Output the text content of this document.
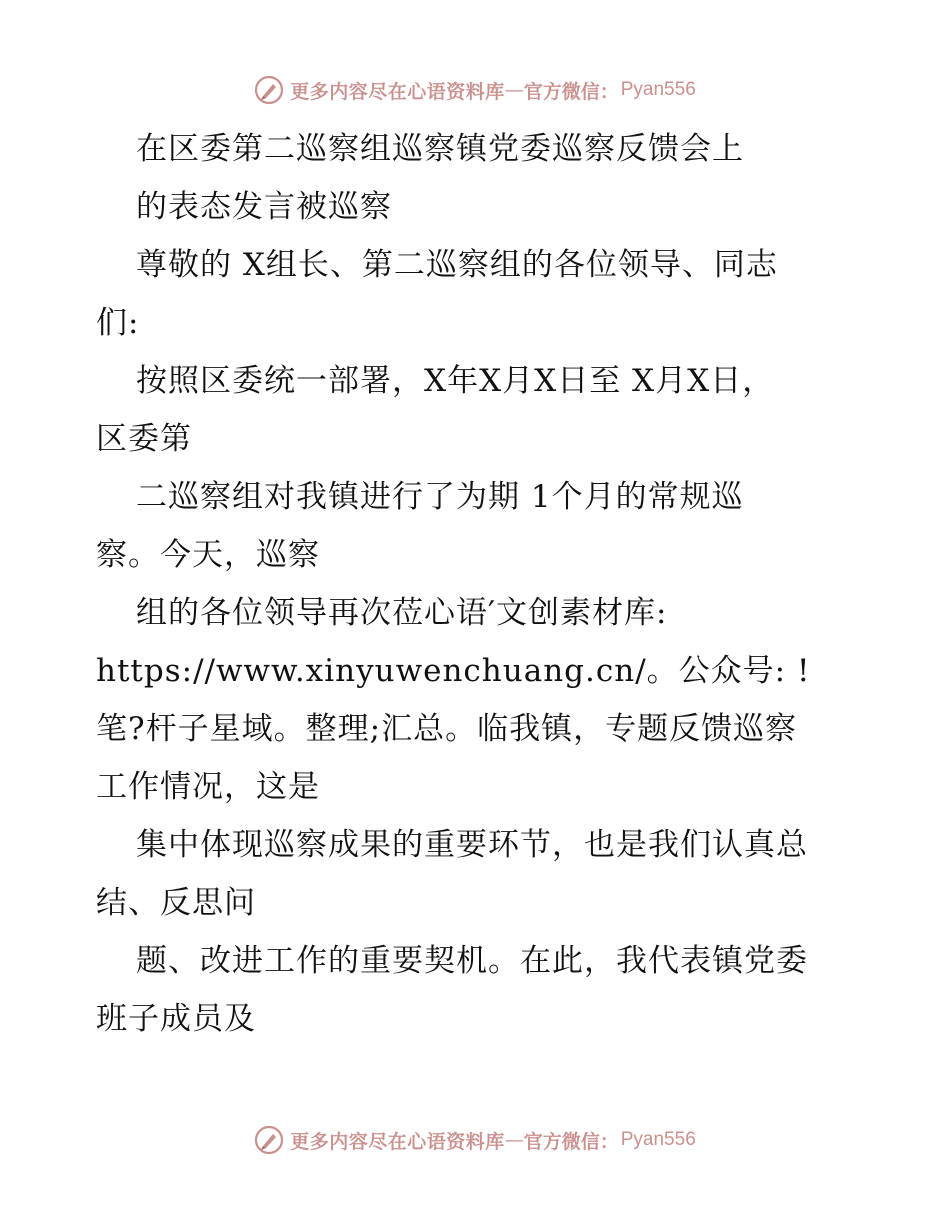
更多内容尽在心语资料库 — 官方微信： Pyan556
在区委第二巡察组巡察镇党委巡察反馈会上
的表态发言被巡察
尊敬的 X组长、第二巡察组的各位领导、同志
们:
按照区委统一部署，X年X月X日至 X月X日，
区委第
二巡察组对我镇进行了为期 1个月的常规巡
察。今天，巡察
组的各位领导再次莅心语′文创素材库:
https://www.xinyuwenchuang.cn/。公众号: !
笔?杆子星域。整理;汇总。临我镇，专题反馈巡察
工作情况，这是
集中体现巡察成果的重要环节，也是我们认真总
结、反思问
题、改进工作的重要契机。在此，我代表镇党委
班子成员及
更多内容尽在心语资料库 — 官方微信： Pyan556
